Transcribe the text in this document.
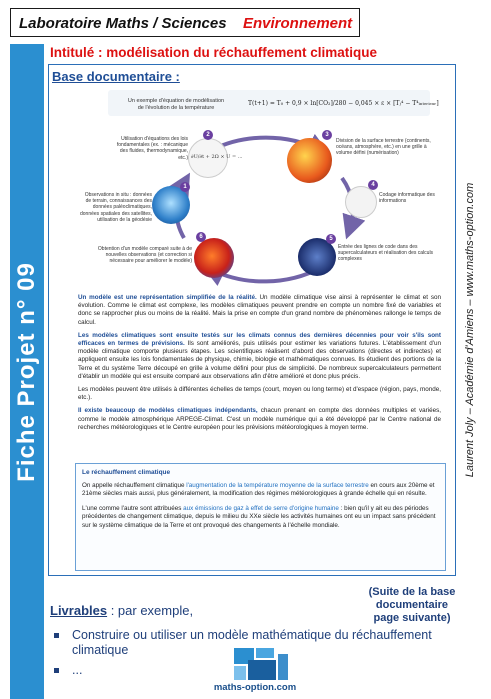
Laboratoire Maths / Sciences Environnement
Fiche Projet n° 09	Laurent Joly – Académie d'Amiens – www.maths-option.com
Intitulé : modélisation du réchauffement climatique
Base documentaire :
Un exemple d'équation de modélisation de l'évolution de la température
T(t+1) = T₀ + 0,9 × ln[CO₂]/280 − 0,045 × ε × [Tⱼ⁴ − T⁴ᵢₙₜₑᵣᵢₑᵤᵣ]
∂U/∂t + 2Ω × U = ...
2
Utilisation d'équations des lois fondamentales (ex. : mécanique des fluides, thermodynamique, etc.)
3
Division de la surface terrestre (continents, océans, atmosphère, etc.) en une grille à volume défini (numérisation)
4
Codage informatique des informations
5
Entrée des lignes de code dans des supercalculateurs et réalisation des calculs complexes
6
Obtention d'un modèle comparé suite à de nouvelles observations (et correction si nécessaire pour améliorer le modèle)
1
Observations in situ : données de terrain, connaissances des données paléoclimatiques, données spatiales des satellites, utilisation de la géodésie

Un modèle est une représentation simplifiée de la réalité. Un modèle climatique vise ainsi à représenter le climat et son évolution. Comme le climat est complexe, les modèles climatiques peuvent prendre en compte un nombre fixé de variables et donc se rapprocher plus ou moins de la réalité. Mais la prise en compte d'un grand nombre de phénomènes rallonge le temps de calcul.

Les modèles climatiques sont ensuite testés sur les climats connus des dernières décennies pour voir s'ils sont efficaces en termes de prévisions. Ils sont améliorés, puis utilisés pour estimer les variations futures. L'établissement d'un modèle climatique comporte plusieurs étapes. Les scientifiques réalisent d'abord des observations (directes et indirectes) et appliquent ensuite les lois fondamentales de physique, chimie, biologie et mathématiques connues. Ils étudient des portions de la Terre et du système Terre découpé en grille à volume défini pour plus de simplicité. De nombreux supercalculateurs permettent d'établir un modèle qui est ensuite comparé aux observations afin d'être amélioré et donc plus précis.

Les modèles peuvent être utilisés à différentes échelles de temps (court, moyen ou long terme) et d'espace (région, pays, monde, etc.).

Il existe beaucoup de modèles climatiques indépendants, chacun prenant en compte des données multiples et variées, comme le modèle atmosphérique ARPEGE-Climat. C'est un modèle numérique qui a été développé par le Centre national de recherches météorologiques et le Centre européen pour les prévisions météorologiques à moyen terme.

Le réchauffement climatique

On appelle réchauffement climatique l'augmentation de la température moyenne de la surface terrestre en cours aux 20ème et 21ème siècles mais aussi, plus généralement, la modification des régimes météorologiques à grande échelle qui en résulte.

L'une comme l'autre sont attribuées aux émissions de gaz à effet de serre d'origine humaine : bien qu'il y ait eu des périodes précédentes de changement climatique, depuis le milieu du XXe siècle les activités humaines ont eu un impact sans précédent sur le système climatique de la Terre et ont provoqué des changements à l'échelle mondiale.

(Suite de la base documentaire page suivante)
Livrables : par exemple,
Construire ou utiliser un modèle mathématique du réchauffement climatique
...
maths-option.com
